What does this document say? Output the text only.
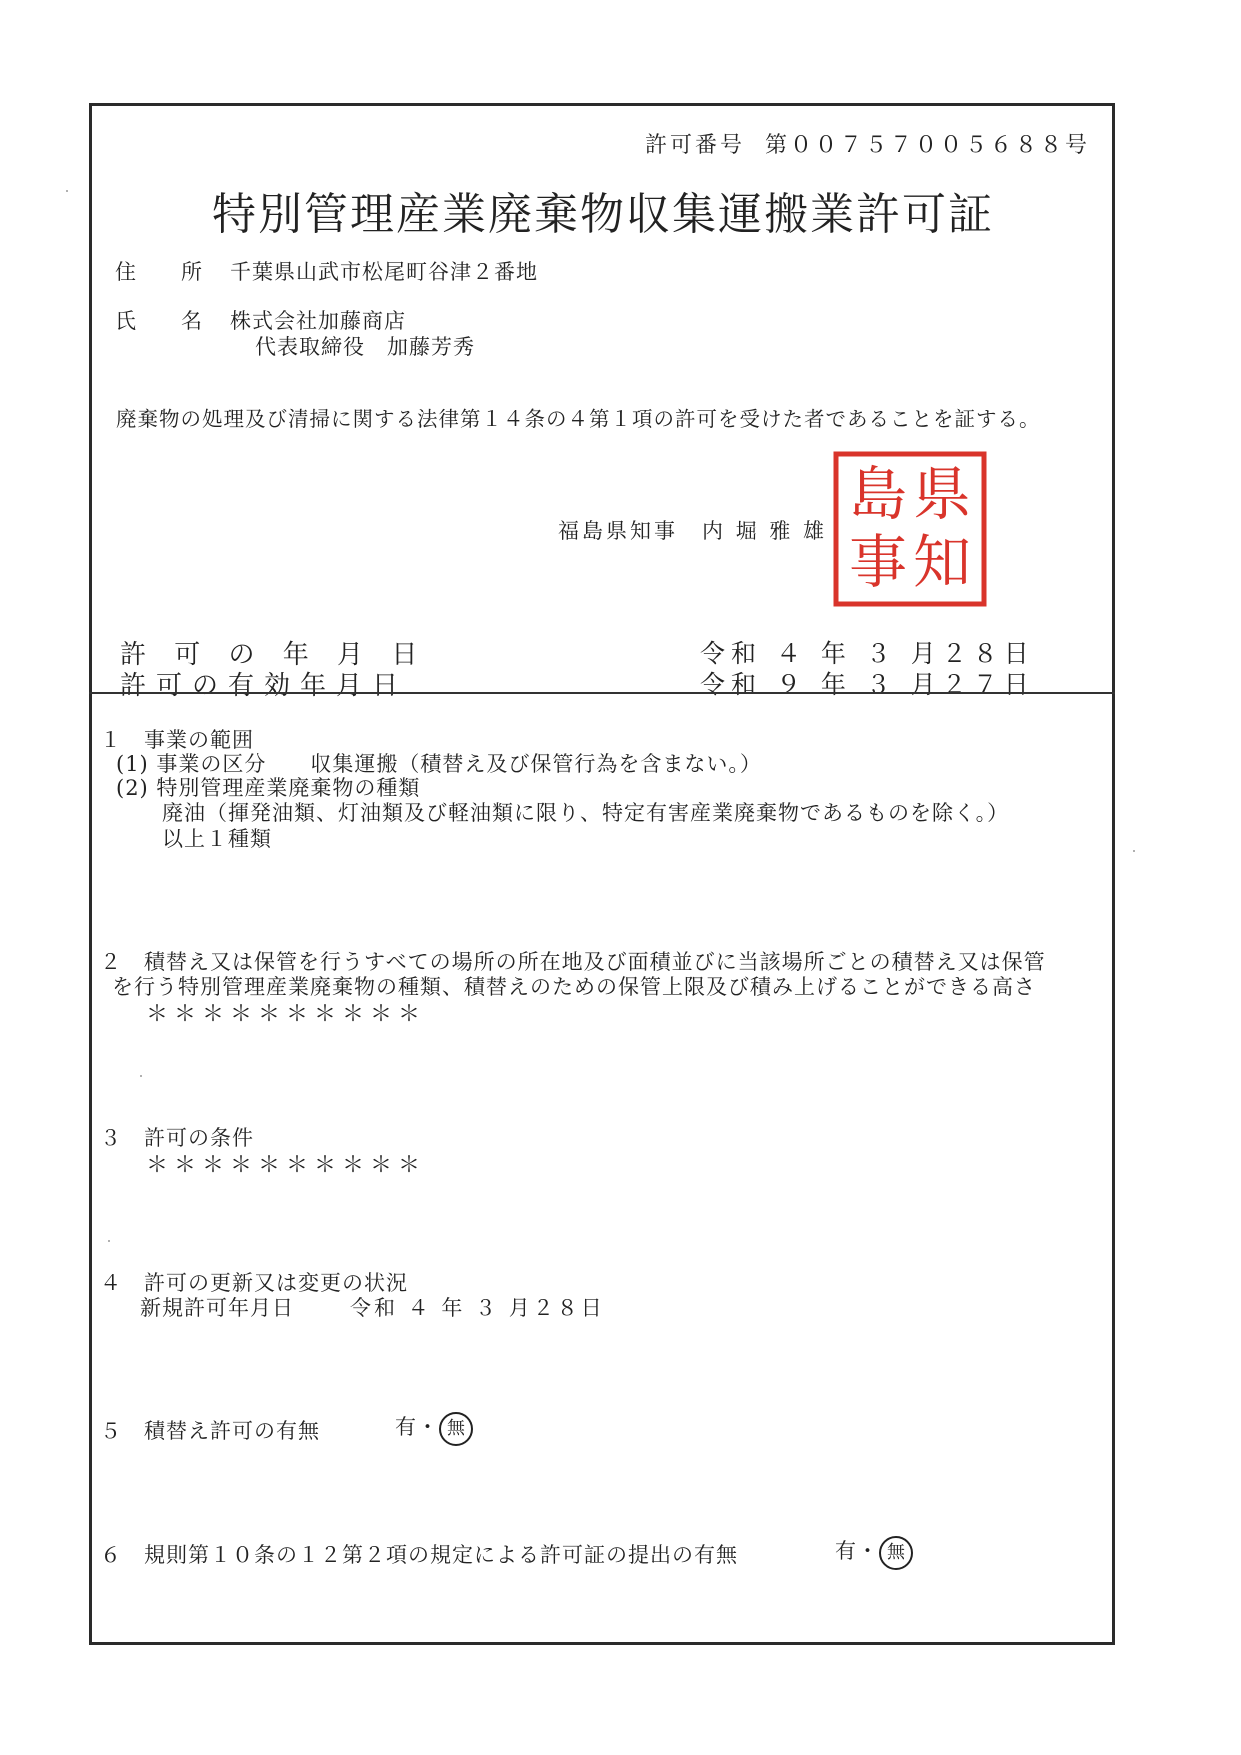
許可番号 第００７５７００５６８８号
特別管理産業廃棄物収集運搬業許可証
住　所 千葉県山武市松尾町谷津２番地
氏　名 株式会社加藤商店
代表取締役　加藤芳秀
廃棄物の処理及び清掃に関する法律第１４条の４第１項の許可を受けた者であることを証する。
福島県知事　内 堀 雅 雄
県
知
島
事
許 可 の 年 月 日	令和 ４ 年 ３ 月２８日
許可の有効年月日	令和 ９ 年 ３ 月２７日
１　事業の範囲
(1) 事業の区分　　収集運搬（積替え及び保管行為を含まない。）
(2) 特別管理産業廃棄物の種類
廃油（揮発油類、灯油類及び軽油類に限り、特定有害産業廃棄物であるものを除く。）
以上１種類
２　積替え又は保管を行うすべての場所の所在地及び面積並びに当該場所ごとの積替え又は保管
を行う特別管理産業廃棄物の種類、積替えのための保管上限及び積み上げることができる高さ
＊＊＊＊＊＊＊＊＊＊
３　許可の条件
＊＊＊＊＊＊＊＊＊＊
４　許可の更新又は変更の状況
新規許可年月日	令和 ４ 年 ３ 月２８日
５　積替え許可の有無	有・ 無
６　規則第１０条の１２第２項の規定による許可証の提出の有無	有・ 無
